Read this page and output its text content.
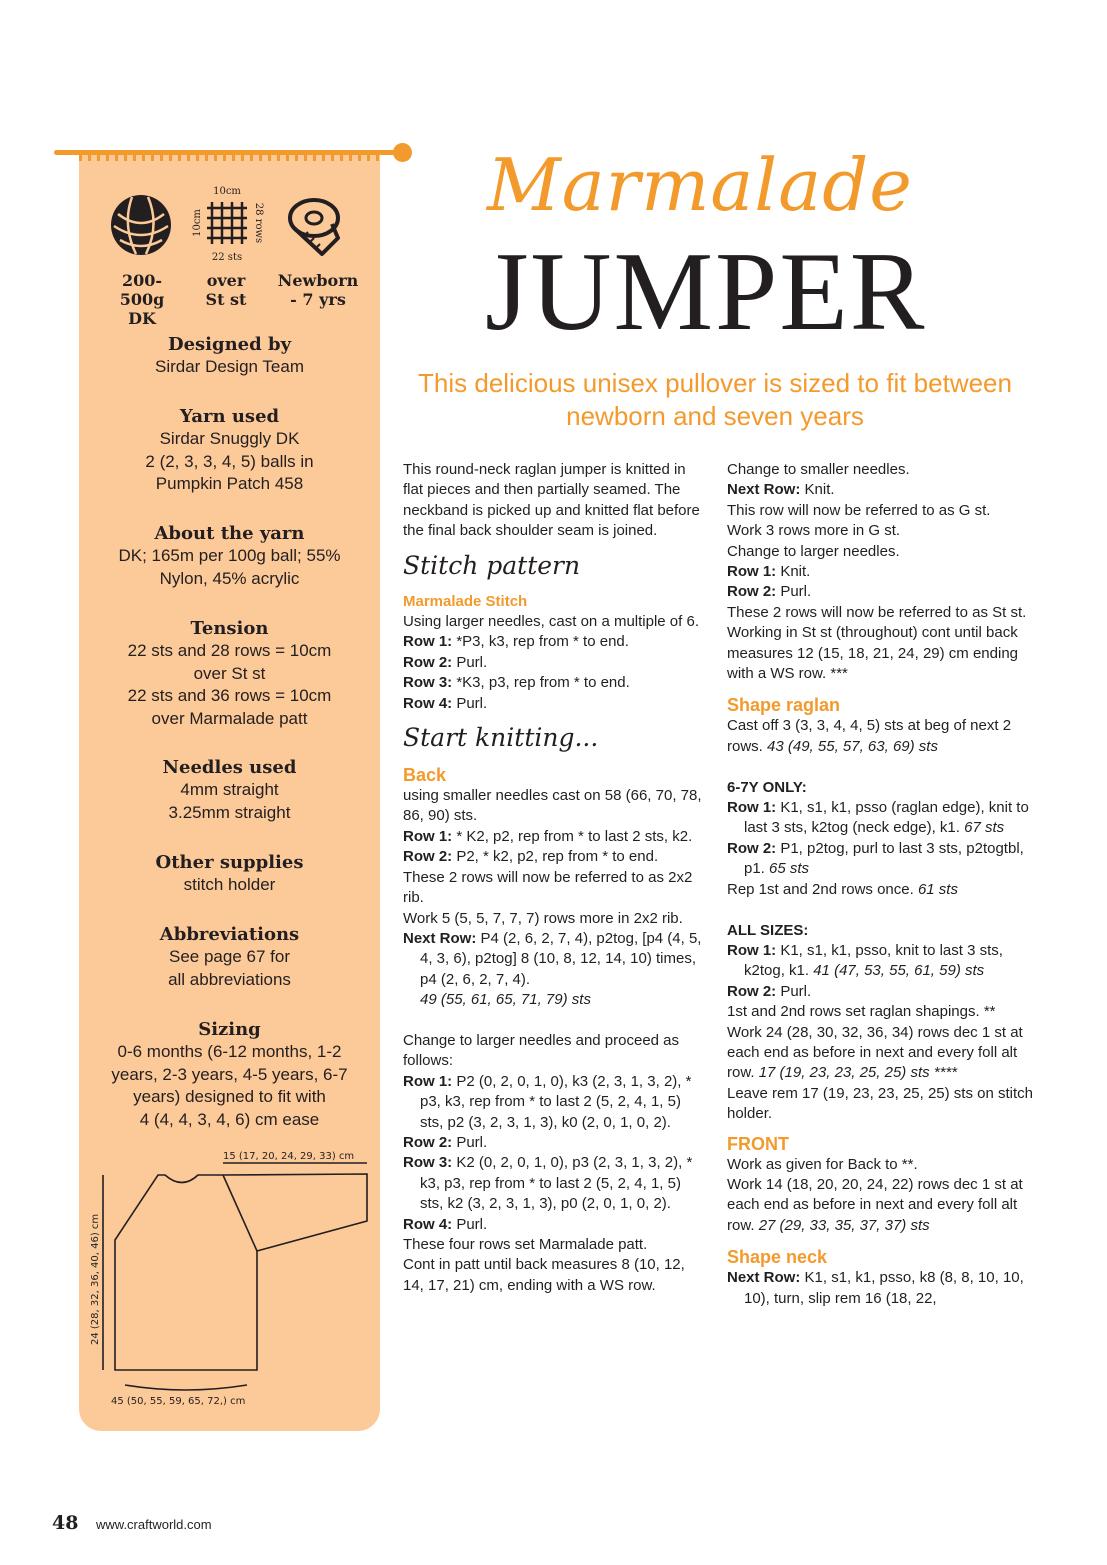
200-
500g
DK
10cm
22 sts
10cm	28 rows
over
St st
Newborn
- 7 yrs
Designed by
Sirdar Design Team
Yarn used
Sirdar Snuggly DK
2 (2, 3, 3, 4, 5) balls in
Pumpkin Patch 458
About the yarn
DK; 165m per 100g ball; 55%
Nylon, 45% acrylic
Tension
22 sts and 28 rows = 10cm
over St st
22 sts and 36 rows = 10cm
over Marmalade patt
Needles used
4mm straight
3.25mm straight
Other supplies
stitch holder
Abbreviations
See page 67 for
all abbreviations
Sizing
0-6 months (6-12 months, 1-2
years, 2-3 years, 4-5 years, 6-7
years) designed to fit with
4 (4, 4, 3, 4, 6) cm ease
15 (17, 20, 24, 29, 33) cm
24 (28, 32, 36, 40, 46) cm
45 (50, 55, 59, 65, 72,) cm
Marmalade
JUMPER
This delicious unisex pullover is sized to fit between newborn and seven years

This round-neck raglan jumper is knitted in flat pieces and then partially seamed. The neckband is picked up and knitted flat before the final back shoulder seam is joined.

Stitch pattern

Marmalade Stitch

Using larger needles, cast on a multiple of 6.

Row 1: *P3, k3, rep from * to end.

Row 2: Purl.

Row 3: *K3, p3, rep from * to end.

Row 4: Purl.

Start knitting...

Back

using smaller needles cast on 58 (66, 70, 78, 86, 90) sts.

Row 1: * K2, p2, rep from * to last 2 sts, k2.

Row 2: P2, * k2, p2, rep from * to end.

These 2 rows will now be referred to as 2x2 rib.

Work 5 (5, 5, 7, 7, 7) rows more in 2x2 rib.

Next Row: P4 (2, 6, 2, 7, 4), p2tog, [p4 (4, 5, 4, 3, 6), p2tog] 8 (10, 8, 12, 14, 10) times, p4 (2, 6, 2, 7, 4).

49 (55, 61, 65, 71, 79) sts

Change to larger needles and proceed as follows:

Row 1: P2 (0, 2, 0, 1, 0), k3 (2, 3, 1, 3, 2), * p3, k3, rep from * to last 2 (5, 2, 4, 1, 5) sts, p2 (3, 2, 3, 1, 3), k0 (2, 0, 1, 0, 2).

Row 2: Purl.

Row 3: K2 (0, 2, 0, 1, 0), p3 (2, 3, 1, 3, 2), * k3, p3, rep from * to last 2 (5, 2, 4, 1, 5) sts, k2 (3, 2, 3, 1, 3), p0 (2, 0, 1, 0, 2).

Row 4: Purl.

These four rows set Marmalade patt.

Cont in patt until back measures 8 (10, 12, 14, 17, 21) cm, ending with a WS row.

Change to smaller needles.

Next Row: Knit.

This row will now be referred to as G st.

Work 3 rows more in G st.

Change to larger needles.

Row 1: Knit.

Row 2: Purl.

These 2 rows will now be referred to as St st.

Working in St st (throughout) cont until back measures 12 (15, 18, 21, 24, 29) cm ending with a WS row. ***

Shape raglan

Cast off 3 (3, 3, 4, 4, 5) sts at beg of next 2 rows. 43 (49, 55, 57, 63, 69) sts

6-7Y ONLY:

Row 1: K1, s1, k1, psso (raglan edge), knit to last 3 sts, k2tog (neck edge), k1. 67 sts

Row 2: P1, p2tog, purl to last 3 sts, p2togtbl, p1. 65 sts

Rep 1st and 2nd rows once. 61 sts

ALL SIZES:

Row 1: K1, s1, k1, psso, knit to last 3 sts, k2tog, k1. 41 (47, 53, 55, 61, 59) sts

Row 2: Purl.

1st and 2nd rows set raglan shapings. **

Work 24 (28, 30, 32, 36, 34) rows dec 1 st at each end as before in next and every foll alt row. 17 (19, 23, 23, 25, 25) sts ****

Leave rem 17 (19, 23, 23, 25, 25) sts on stitch holder.

FRONT

Work as given for Back to **.

Work 14 (18, 20, 20, 24, 22) rows dec 1 st at each end as before in next and every foll alt row. 27 (29, 33, 35, 37, 37) sts

Shape neck

Next Row: K1, s1, k1, psso, k8 (8, 8, 10, 10, 10), turn, slip rem 16 (18, 22,

48 www.craftworld.com
